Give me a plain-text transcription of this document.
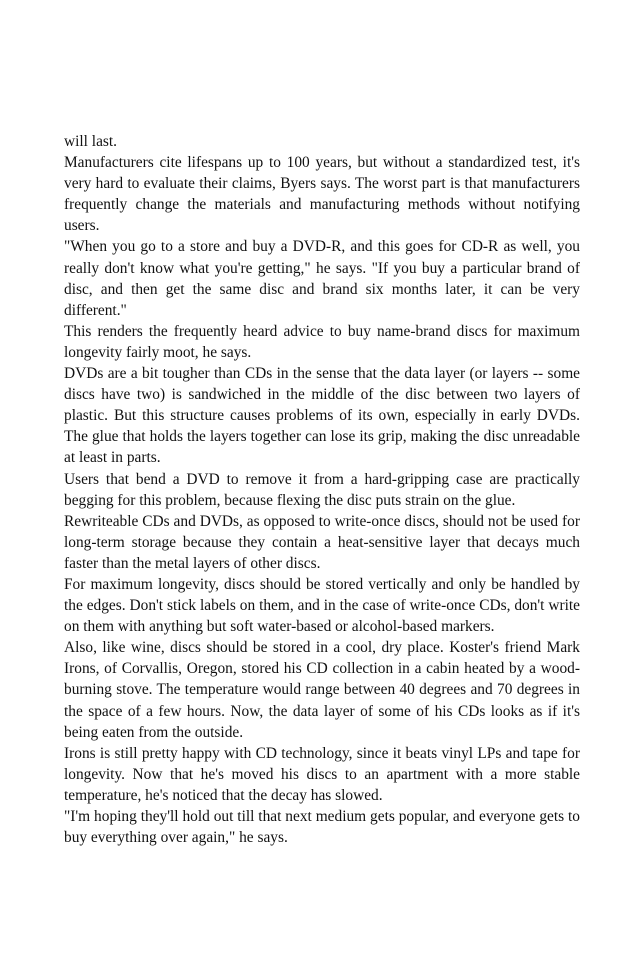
will last.

Manufacturers cite lifespans up to 100 years, but without a standardized test, it's very hard to evaluate their claims, Byers says. The worst part is that manufacturers frequently change the materials and manufacturing methods without notifying users.

"When you go to a store and buy a DVD-R, and this goes for CD-R as well, you really don't know what you're getting," he says. "If you buy a particular brand of disc, and then get the same disc and brand six months later, it can be very different."

This renders the frequently heard advice to buy name-brand discs for maximum longevity fairly moot, he says.

DVDs are a bit tougher than CDs in the sense that the data layer (or layers -- some discs have two) is sandwiched in the middle of the disc between two layers of plastic. But this structure causes problems of its own, especially in early DVDs. The glue that holds the layers together can lose its grip, making the disc unreadable at least in parts.

Users that bend a DVD to remove it from a hard-gripping case are practically begging for this problem, because flexing the disc puts strain on the glue.

Rewriteable CDs and DVDs, as opposed to write-once discs, should not be used for long-term storage because they contain a heat-sensitive layer that decays much faster than the metal layers of other discs.

For maximum longevity, discs should be stored vertically and only be handled by the edges. Don't stick labels on them, and in the case of write-once CDs, don't write on them with anything but soft water-based or alcohol-based markers.

Also, like wine, discs should be stored in a cool, dry place. Koster's friend Mark Irons, of Corvallis, Oregon, stored his CD collection in a cabin heated by a wood-burning stove. The temperature would range between 40 degrees and 70 degrees in the space of a few hours. Now, the data layer of some of his CDs looks as if it's being eaten from the outside.

Irons is still pretty happy with CD technology, since it beats vinyl LPs and tape for longevity. Now that he's moved his discs to an apartment with a more stable temperature, he's noticed that the decay has slowed.

"I'm hoping they'll hold out till that next medium gets popular, and everyone gets to buy everything over again," he says.
